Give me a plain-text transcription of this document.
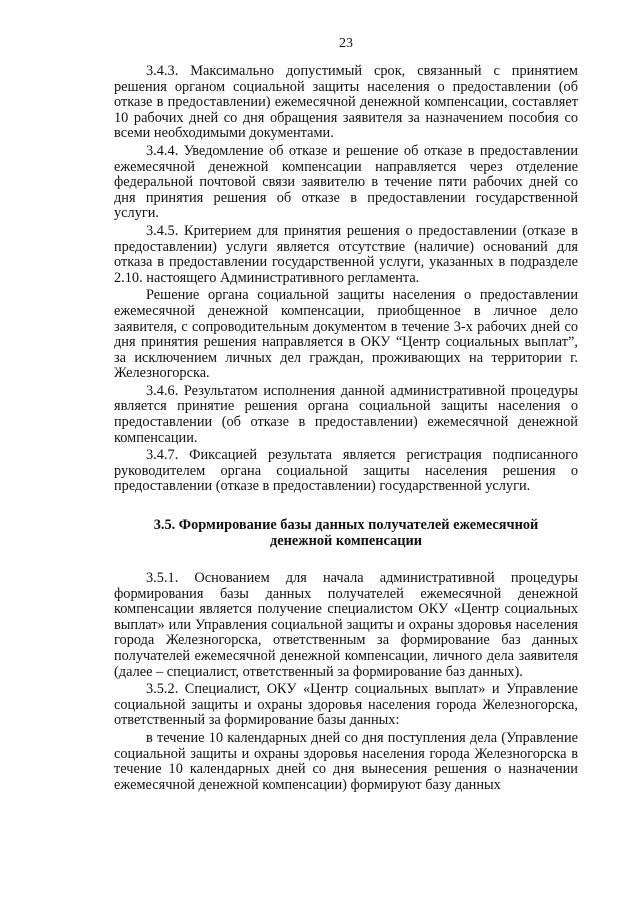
23

3.4.3. Максимально допустимый срок, связанный с принятием решения органом социальной защиты населения о предоставлении (об отказе в предоставлении) ежемесячной денежной компенсации, составляет 10 рабочих дней со дня обращения заявителя за назначением пособия со всеми необходимыми документами.

3.4.4. Уведомление об отказе и решение об отказе в предоставлении ежемесячной денежной компенсации направляется через отделение федеральной почтовой связи заявителю в течение пяти рабочих дней со дня принятия решения об отказе в предоставлении государственной услуги.

3.4.5. Критерием для принятия решения о предоставлении (отказе в предоставлении) услуги является отсутствие (наличие) оснований для отказа в предоставлении государственной услуги, указанных в подразделе 2.10. настоящего Административного регламента.

Решение органа социальной защиты населения о предоставлении ежемесячной денежной компенсации, приобщенное в личное дело заявителя, с сопроводительным документом в течение 3-х рабочих дней со дня принятия решения направляется в ОКУ “Центр социальных выплат”, за исключением личных дел граждан, проживающих на территории г. Железногорска.

3.4.6. Результатом исполнения данной административной процедуры является принятие решения органа социальной защиты населения о предоставлении (об отказе в предоставлении) ежемесячной денежной компенсации.

3.4.7. Фиксацией результата является регистрация подписанного руководителем органа социальной защиты населения решения о предоставлении (отказе в предоставлении) государственной услуги.

3.5. Формирование базы данных получателей ежемесячной денежной компенсации

3.5.1. Основанием для начала административной процедуры формирования базы данных получателей ежемесячной денежной компенсации является получение специалистом ОКУ «Центр социальных выплат» или Управления социальной защиты и охраны здоровья населения города Железногорска, ответственным за формирование баз данных получателей ежемесячной денежной компенсации, личного дела заявителя (далее – специалист, ответственный за формирование баз данных).

3.5.2. Специалист, ОКУ «Центр социальных выплат» и Управление социальной защиты и охраны здоровья населения города Железногорска, ответственный за формирование базы данных:

в течение 10 календарных дней со дня поступления дела (Управление социальной защиты и охраны здоровья населения города Железногорска в течение 10 календарных дней со дня вынесения решения о назначении ежемесячной денежной компенсации) формируют базу данных
